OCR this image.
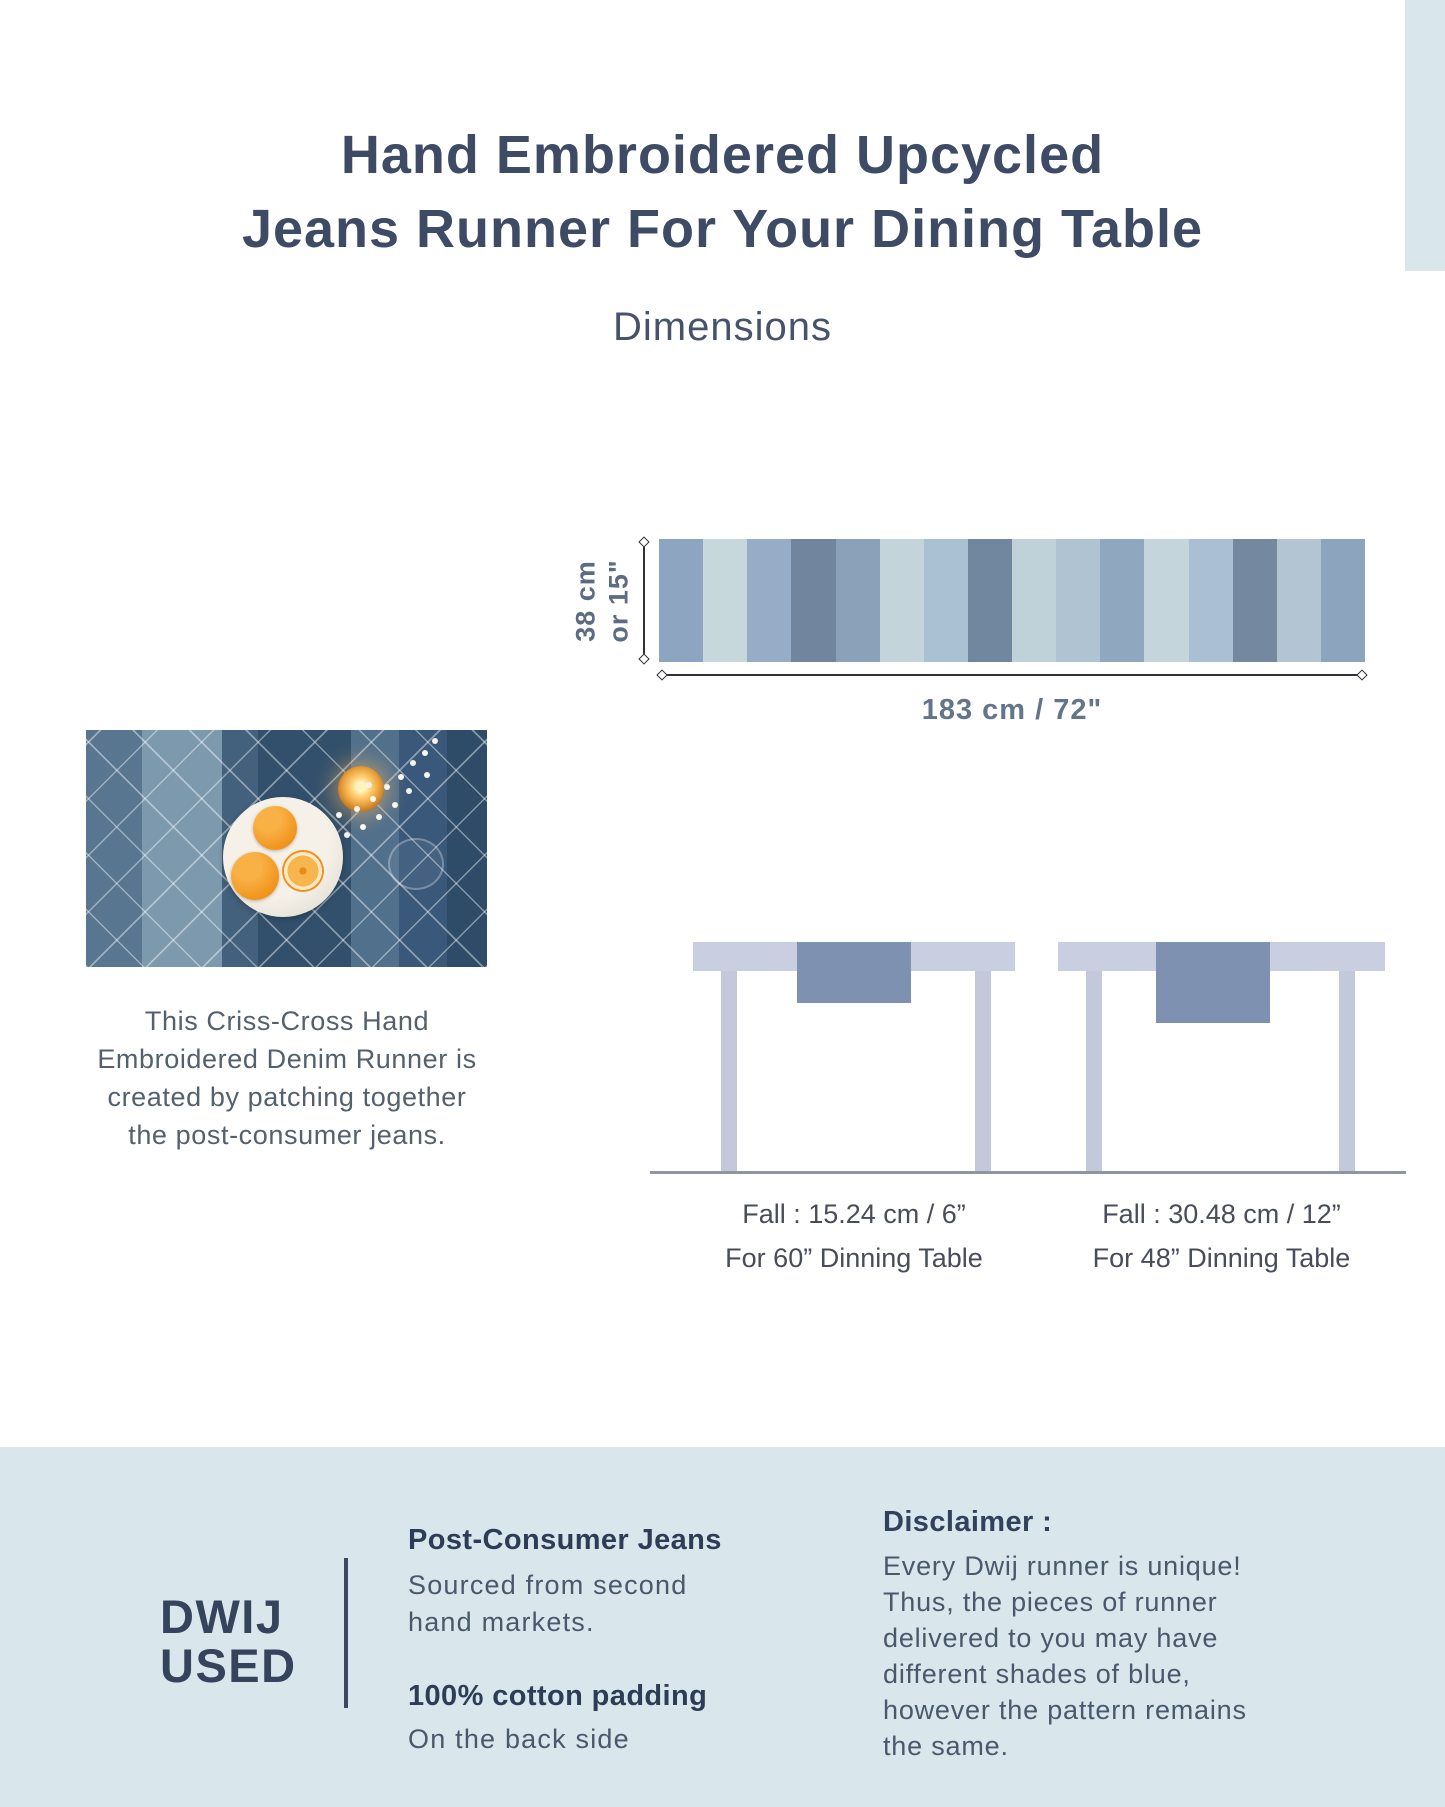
Hand Embroidered Upcycled
Jeans Runner For Your Dining Table
Dimensions
38 cm or 15"
183 cm / 72"
This Criss-Cross Hand
Embroidered Denim Runner is
created by patching together
the post-consumer jeans.
Fall : 15.24 cm / 6”
For 60” Dinning Table
Fall : 30.48 cm / 12”
For 48” Dinning Table
DWIJ
USED
Post-Consumer Jeans
Sourced from second
hand markets.
100% cotton padding
On the back side
Disclaimer :
Every Dwij runner is unique!
Thus, the pieces of runner
delivered to you may have
different shades of blue,
however the pattern remains
the same.
